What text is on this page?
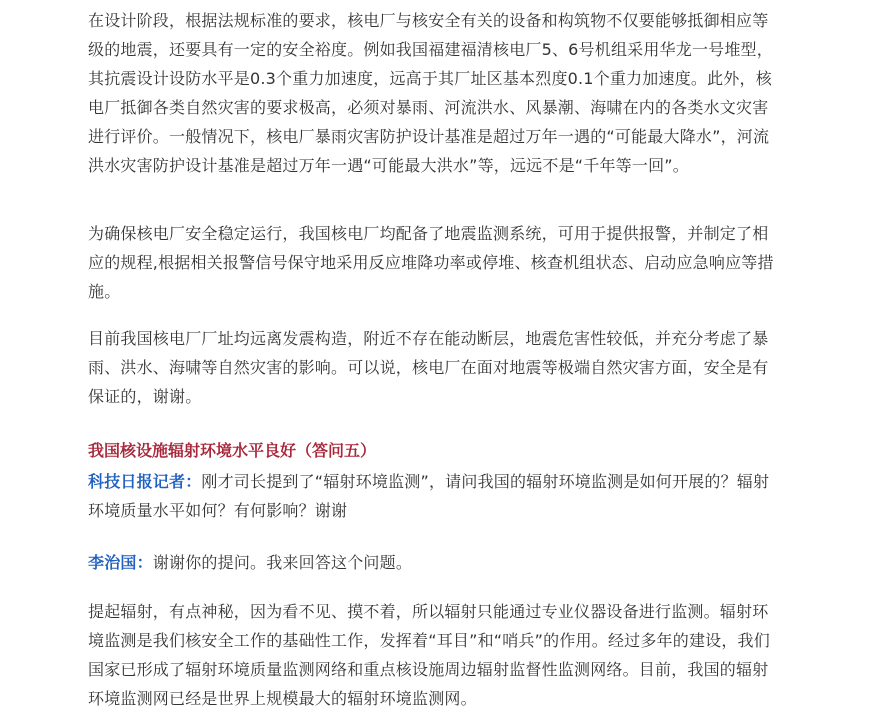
在设计阶段，根据法规标准的要求，核电厂与核安全有关的设备和构筑物不仅要能够抵御相应等级的地震，还要具有一定的安全裕度。例如我国福建福清核电厂5、6号机组采用华龙一号堆型，其抗震设计设防水平是0.3个重力加速度，远高于其厂址区基本烈度0.1个重力加速度。此外，核电厂抵御各类自然灾害的要求极高，必须对暴雨、河流洪水、风暴潮、海啸在内的各类水文灾害进行评价。一般情况下，核电厂暴雨灾害防护设计基准是超过万年一遇的“可能最大降水”，河流洪水灾害防护设计基准是超过万年一遇“可能最大洪水”等，远远不是“千年等一回”。

为确保核电厂安全稳定运行，我国核电厂均配备了地震监测系统，可用于提供报警，并制定了相应的规程,根据相关报警信号保守地采用反应堆降功率或停堆、核查机组状态、启动应急响应等措施。

目前我国核电厂厂址均远离发震构造，附近不存在能动断层，地震危害性较低，并充分考虑了暴雨、洪水、海啸等自然灾害的影响。可以说，核电厂在面对地震等极端自然灾害方面，安全是有保证的，谢谢。

我国核设施辐射环境水平良好（答问五）

科技日报记者：刚才司长提到了“辐射环境监测”，请问我国的辐射环境监测是如何开展的？辐射环境质量水平如何？有何影响？谢谢

李治国：谢谢你的提问。我来回答这个问题。

提起辐射，有点神秘，因为看不见、摸不着，所以辐射只能通过专业仪器设备进行监测。辐射环境监测是我们核安全工作的基础性工作，发挥着“耳目”和“哨兵”的作用。经过多年的建设，我们国家已形成了辐射环境质量监测网络和重点核设施周边辐射监督性监测网络。目前，我国的辐射环境监测网已经是世界上规模最大的辐射环境监测网。
